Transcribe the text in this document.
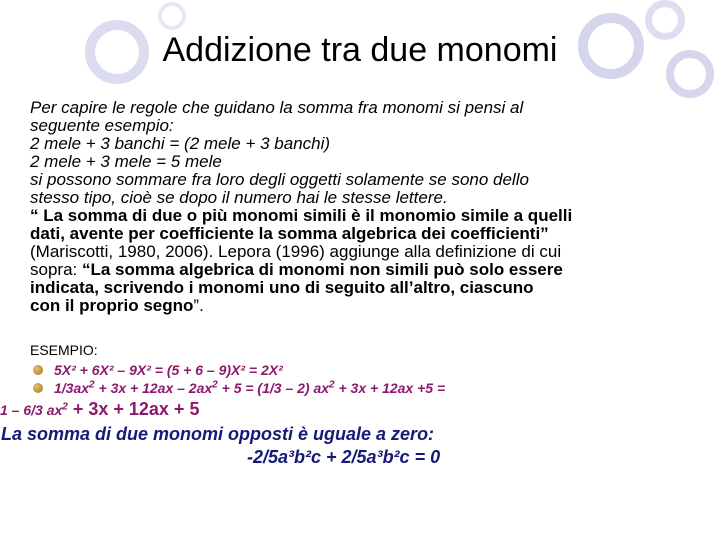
Addizione tra due monomi

Per capire le regole che guidano la somma fra monomi si pensi al
seguente esempio:
2 mele + 3 banchi = (2 mele + 3 banchi)
2 mele + 3 mele = 5 mele
si possono sommare fra loro degli oggetti solamente se sono dello
stesso tipo, cioè se dopo il numero hai le stesse lettere.

“ La somma di due o più monomi simili è il monomio simile a quelli
dati, avente per coefficiente la somma algebrica dei coefficienti”
(Mariscotti, 1980, 2006). Lepora (1996) aggiunge alla definizione di cui
sopra: “La somma algebrica di monomi non simili può solo essere
indicata, scrivendo i monomi uno di seguito all’altro, ciascuno
con il proprio segno”.

ESEMPIO:

5X² + 6X² – 9X² = (5 + 6 – 9)X² = 2X²

$1/3ax^2 + 3x + 12ax - 2ax^2 + 5 = (1/3 - 2) ax^2 + 3x + 12ax +5$ =

1 – 6/3 $ax^2 + 3x + 12ax + 5$

La somma di due monomi opposti è uguale a zero:
-2/5a³b²c + 2/5a³b²c = 0
